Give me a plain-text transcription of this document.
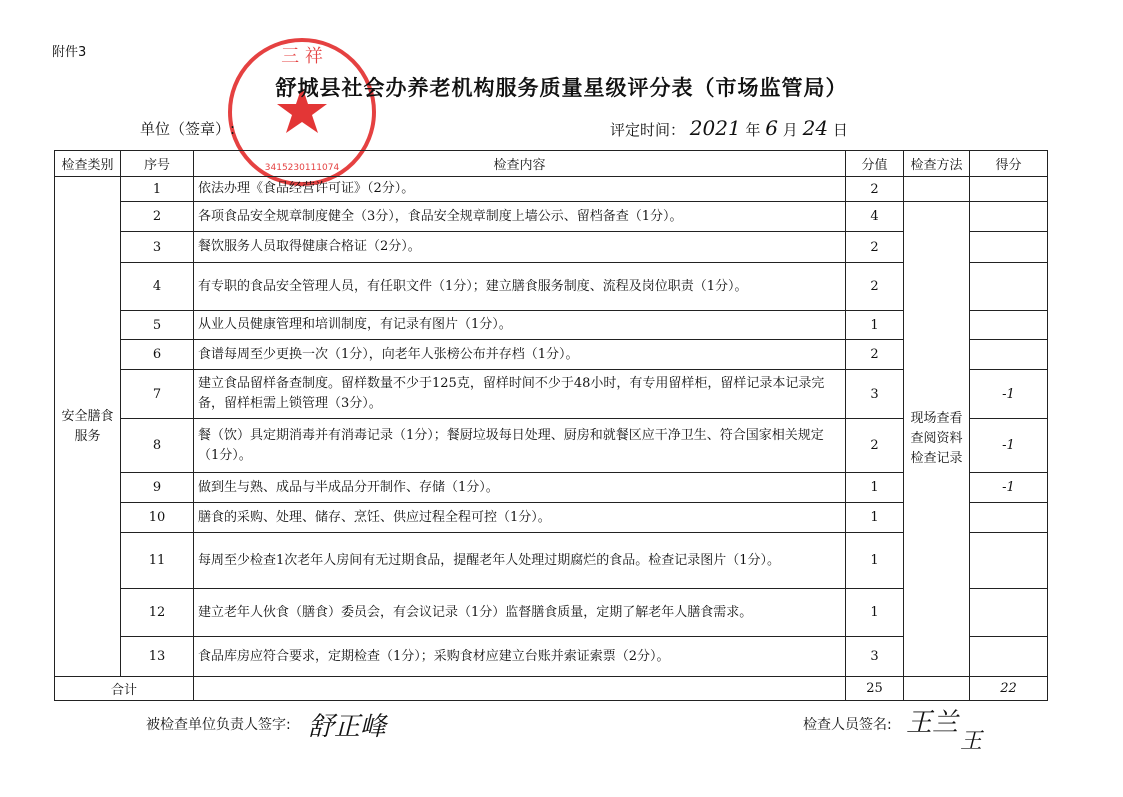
附件3	三 祥
3415230111074
舒城县社会办养老机构服务质量星级评分表（市场监管局）
单位（签章）:	评定时间： 2021 年 6 月 24 日
检查类别	序号	检查内容	分值	检查方法	得分
安全膳食服务	1	依法办理《食品经营许可证》（2分）。	2		
	2	各项食品安全规章制度健全（3分），食品安全规章制度上墙公示、留档备查（1分）。	4	现场查看查阅资料检查记录	
	3	餐饮服务人员取得健康合格证（2分）。	2		
	4	有专职的食品安全管理人员，有任职文件（1分）；建立膳食服务制度、流程及岗位职责（1分）。	2		
	5	从业人员健康管理和培训制度，有记录有图片（1分）。	1		
	6	食谱每周至少更换一次（1分），向老年人张榜公布并存档（1分）。	2		
	7	建立食品留样备查制度。留样数量不少于125克，留样时间不少于48小时，有专用留样柜，留样记录本记录完备，留样柜需上锁管理（3分）。	3		-1
	8	餐（饮）具定期消毒并有消毒记录（1分）；餐厨垃圾每日处理、厨房和就餐区应干净卫生、符合国家相关规定（1分）。	2		-1
	9	做到生与熟、成品与半成品分开制作、存储（1分）。	1		-1
	10	膳食的采购、处理、储存、烹饪、供应过程全程可控（1分）。	1		
	11	每周至少检查1次老年人房间有无过期食品，提醒老年人处理过期腐烂的食品。检查记录图片（1分）。	1		
	12	建立老年人伙食（膳食）委员会，有会议记录（1分）监督膳食质量，定期了解老年人膳食需求。	1		
	13	食品库房应符合要求，定期检查（1分）；采购食材应建立台账并索证索票（2分）。	3		
合计			25		22
被检查单位负责人签字: 舒正峰	检查人员签名: 王兰
王
